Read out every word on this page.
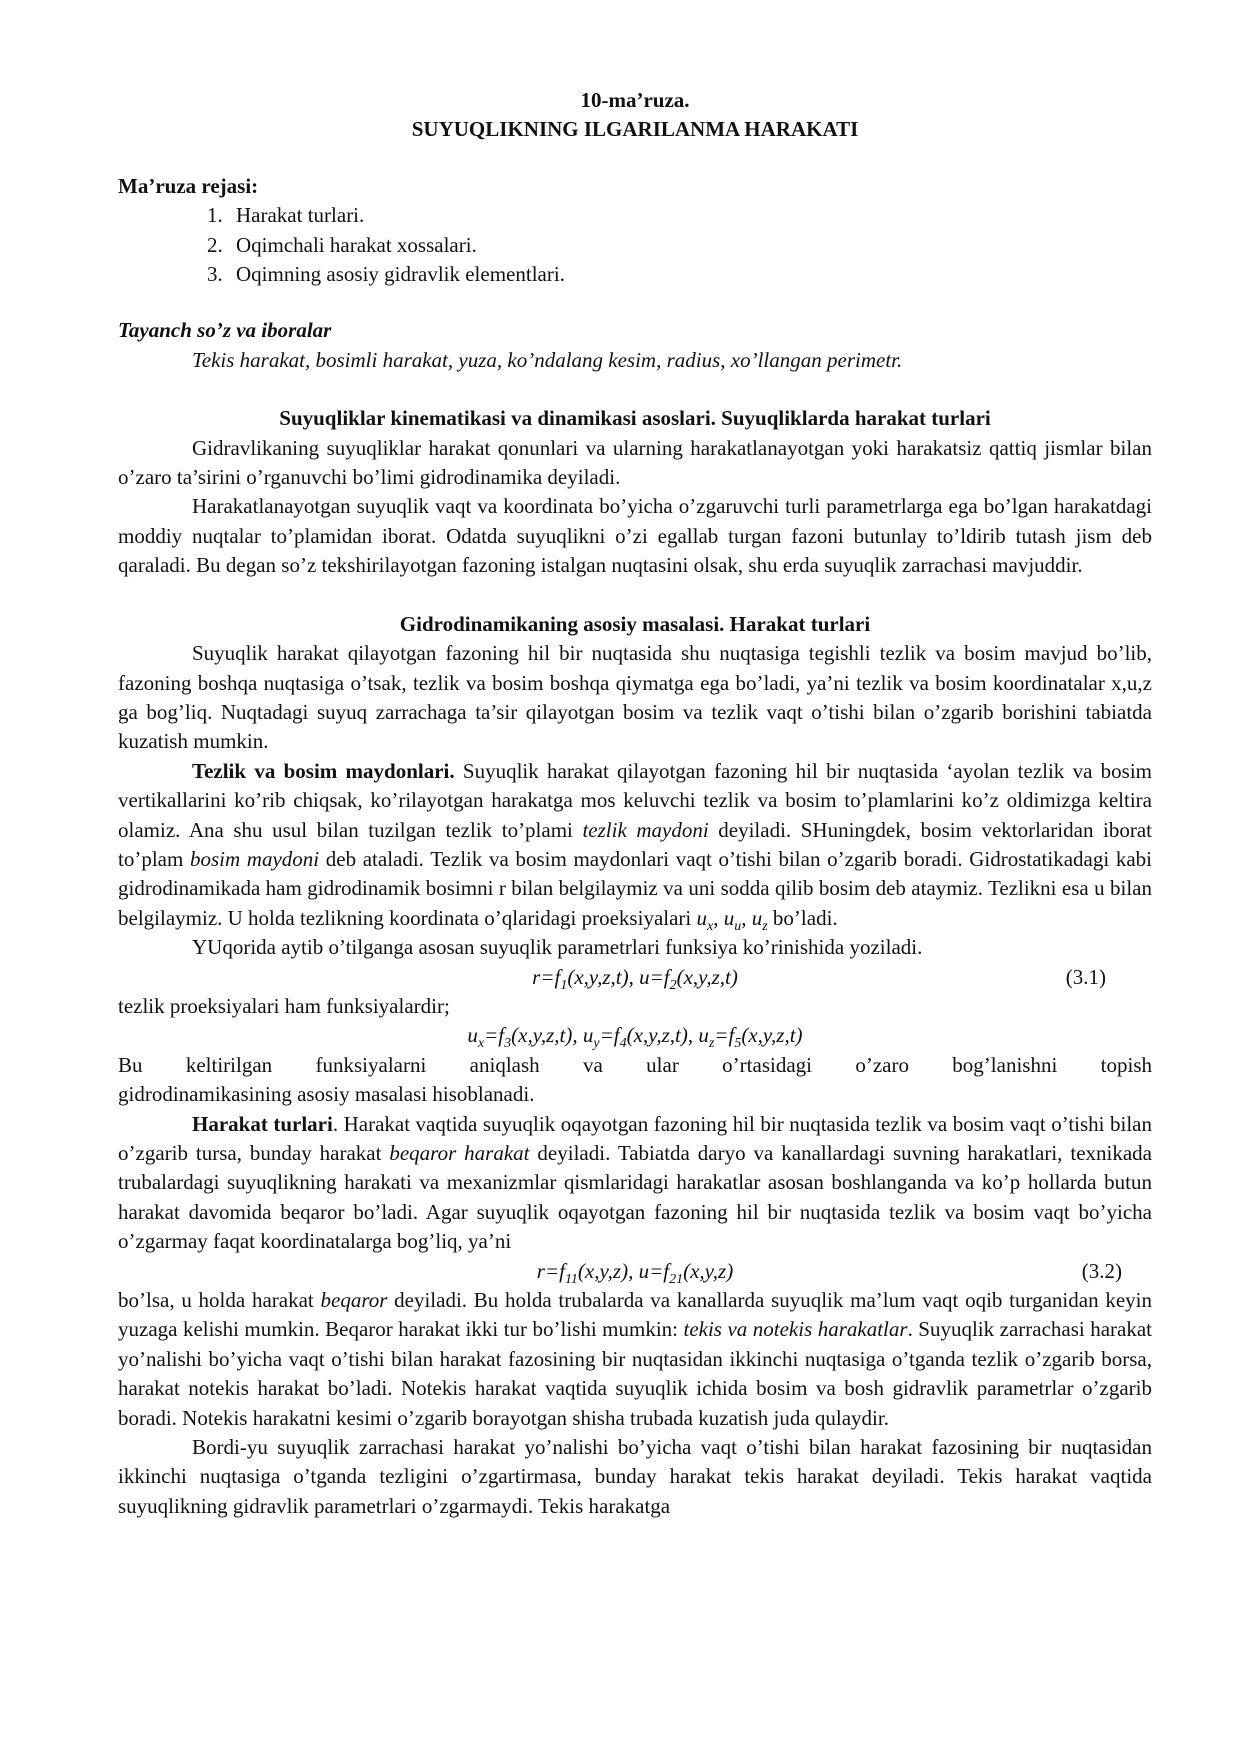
10-ma’ruza.

SUYUQLIKNING ILGARILANMA HARAKATI

Ma’ruza rejasi:

1. Harakat turlari.
2. Oqimchali harakat xossalari.
3. Oqimning asosiy gidravlik elementlari.

Tayanch so’z va iboralar

Tekis harakat, bosimli harakat, yuza, ko’ndalang kesim, radius, xo’llangan perimetr.

Suyuqliklar kinematikasi va dinamikasi asoslari. Suyuqliklarda harakat turlari

Gidravlikaning suyuqliklar harakat qonunlari va ularning harakatlanayotgan yoki harakatsiz qattiq jismlar bilan o’zaro ta’sirini o’rganuvchi bo’limi gidrodinamika deyiladi.

Harakatlanayotgan suyuqlik vaqt va koordinata bo’yicha o’zgaruvchi turli parametrlarga ega bo’lgan harakatdagi moddiy nuqtalar to’plamidan iborat. Odatda suyuqlikni o’zi egallab turgan fazoni butunlay to’ldirib tutash jism deb qaraladi. Bu degan so’z tekshirilayotgan fazoning istalgan nuqtasini olsak, shu erda suyuqlik zarrachasi mavjuddir.

Gidrodinamikaning asosiy masalasi. Harakat turlari

Suyuqlik harakat qilayotgan fazoning hil bir nuqtasida shu nuqtasiga tegishli tezlik va bosim mavjud bo’lib, fazoning boshqa nuqtasiga o’tsak, tezlik va bosim boshqa qiymatga ega bo’ladi, ya’ni tezlik va bosim koordinatalar x,u,z ga bog’liq. Nuqtadagi suyuq zarrachaga ta’sir qilayotgan bosim va tezlik vaqt o’tishi bilan o’zgarib borishini tabiatda kuzatish mumkin.

Tezlik va bosim maydonlari. Suyuqlik harakat qilayotgan fazoning hil bir nuqtasida ‘ayolan tezlik va bosim vertikallarini ko’rib chiqsak, ko’rilayotgan harakatga mos keluvchi tezlik va bosim to’plamlarini ko’z oldimizga keltira olamiz. Ana shu usul bilan tuzilgan tezlik to’plami tezlik maydoni deyiladi. SHuningdek, bosim vektorlaridan iborat to’plam bosim maydoni deb ataladi. Tezlik va bosim maydonlari vaqt o’tishi bilan o’zgarib boradi. Gidrostatikadagi kabi gidrodinamikada ham gidrodinamik bosimni r bilan belgilaymiz va uni sodda qilib bosim deb ataymiz. Tezlikni esa u bilan belgilaymiz. U holda tezlikning koordinata o’qlaridagi proeksiyalari $u_x$, $u_u$, $u_z$ bo’ladi.

YUqorida aytib o’tilganga asosan suyuqlik parametrlari funksiya ko’rinishida yoziladi.

$r=f_1(x,y,z,t)$, $u=f_2(x,y,z,t)$	(3.1)

tezlik proeksiyalari ham funksiyalardir;

$u_x=f_3(x,y,z,t)$, $u_y=f_4(x,y,z,t)$, $u_z=f_5(x,y,z,t)$

Bu keltirilgan funksiyalarni aniqlash va ular o’rtasidagi o’zaro bog’lanishni topish

gidrodinamikasining asosiy masalasi hisoblanadi.

Harakat turlari. Harakat vaqtida suyuqlik oqayotgan fazoning hil bir nuqtasida tezlik va bosim vaqt o’tishi bilan o’zgarib tursa, bunday harakat beqaror harakat deyiladi. Tabiatda daryo va kanallardagi suvning harakatlari, texnikada trubalardagi suyuqlikning harakati va mexanizmlar qismlaridagi harakatlar asosan boshlanganda va ko’p hollarda butun harakat davomida beqaror bo’ladi. Agar suyuqlik oqayotgan fazoning hil bir nuqtasida tezlik va bosim vaqt bo’yicha o’zgarmay faqat koordinatalarga bog’liq, ya’ni

$r=f_{11}(x,y,z)$, $u=f_{21}(x,y,z)$	(3.2)

bo’lsa, u holda harakat beqaror deyiladi. Bu holda trubalarda va kanallarda suyuqlik ma’lum vaqt oqib turganidan keyin yuzaga kelishi mumkin. Beqaror harakat ikki tur bo’lishi mumkin: tekis va notekis harakatlar. Suyuqlik zarrachasi harakat yo’nalishi bo’yicha vaqt o’tishi bilan harakat fazosining bir nuqtasidan ikkinchi nuqtasiga o’tganda tezlik o’zgarib borsa, harakat notekis harakat bo’ladi. Notekis harakat vaqtida suyuqlik ichida bosim va bosh gidravlik parametrlar o’zgarib boradi. Notekis harakatni kesimi o’zgarib borayotgan shisha trubada kuzatish juda qulaydir.

Bordi-yu suyuqlik zarrachasi harakat yo’nalishi bo’yicha vaqt o’tishi bilan harakat fazosining bir nuqtasidan ikkinchi nuqtasiga o’tganda tezligini o’zgartirmasa, bunday harakat tekis harakat deyiladi. Tekis harakat vaqtida suyuqlikning gidravlik parametrlari o’zgarmaydi. Tekis harakatga
